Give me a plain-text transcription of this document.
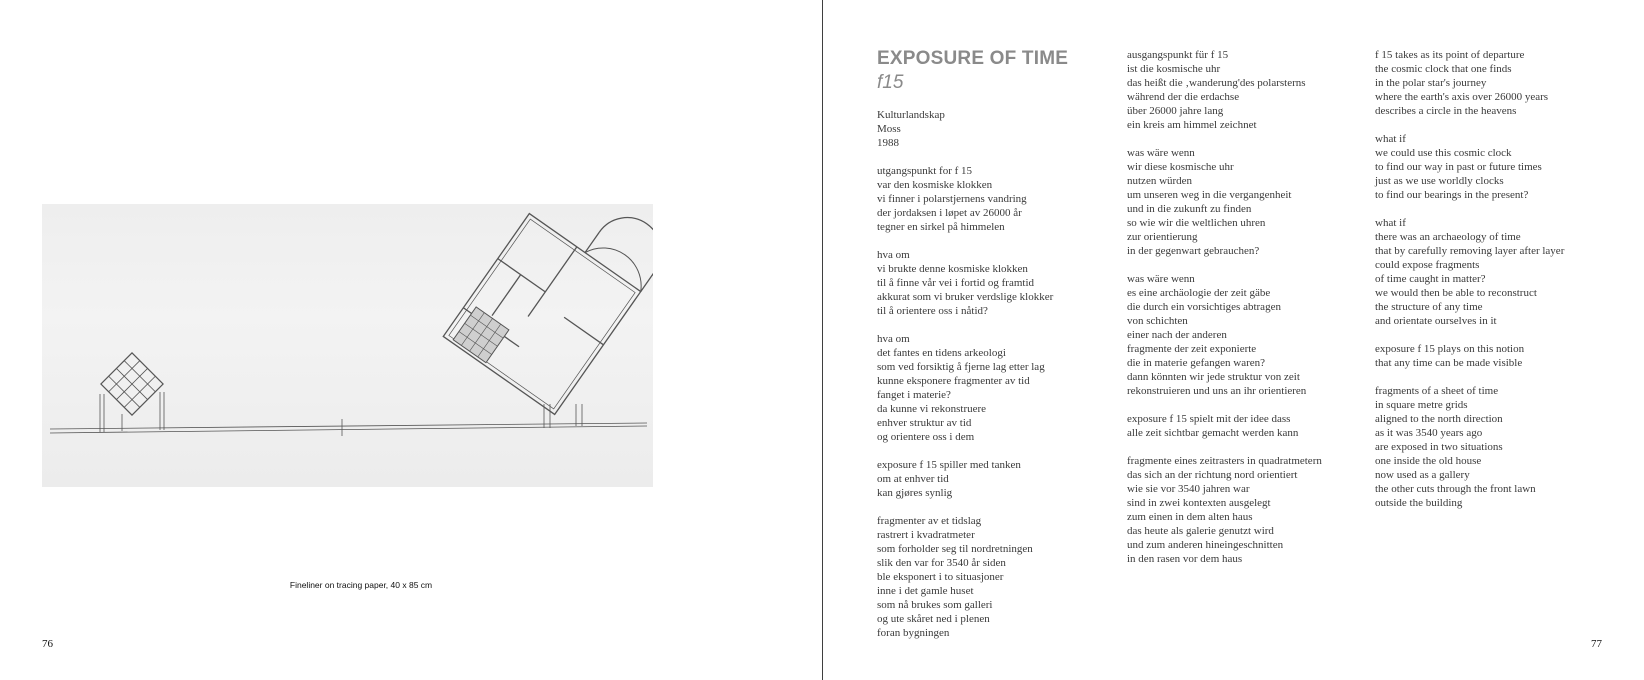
Fineliner on tracing paper, 40 x 85 cm
76
EXPOSURE OF TIME
f15
Kulturlandskap
Moss
1988
utgangspunkt for f 15
var den kosmiske klokken
vi finner i polarstjernens vandring
der jordaksen i løpet av 26000 år
tegner en sirkel på himmelen
hva om
vi brukte denne kosmiske klokken
til å finne vår vei i fortid og framtid
akkurat som vi bruker verdslige klokker
til å orientere oss i nåtid?
hva om
det fantes en tidens arkeologi
som ved forsiktig å fjerne lag etter lag
kunne eksponere fragmenter av tid
fanget i materie?
da kunne vi rekonstruere
enhver struktur av tid
og orientere oss i dem
exposure f 15 spiller med tanken
om at enhver tid
kan gjøres synlig
fragmenter av et tidslag
rastrert i kvadratmeter
som forholder seg til nordretningen
slik den var for 3540 år siden
ble eksponert i to situasjoner
inne i det gamle huset
som nå brukes som galleri
og ute skåret ned i plenen
foran bygningen
ausgangspunkt für f 15
ist die kosmische uhr
das heißt die ‚wanderung'des polarsterns
während der die erdachse
über 26000 jahre lang
ein kreis am himmel zeichnet
was wäre wenn
wir diese kosmische uhr
nutzen würden
um unseren weg in die vergangenheit
und in die zukunft zu finden
so wie wir die weltlichen uhren
zur orientierung
in der gegenwart gebrauchen?
was wäre wenn
es eine archäologie der zeit gäbe
die durch ein vorsichtiges abtragen
von schichten
einer nach der anderen
fragmente der zeit exponierte
die in materie gefangen waren?
dann könnten wir jede struktur von zeit
rekonstruieren und uns an ihr orientieren
exposure f 15 spielt mit der idee dass
alle zeit sichtbar gemacht werden kann
fragmente eines zeitrasters in quadratmetern
das sich an der richtung nord orientiert
wie sie vor 3540 jahren war
sind in zwei kontexten ausgelegt
zum einen in dem alten haus
das heute als galerie genutzt wird
und zum anderen hineingeschnitten
in den rasen vor dem haus
f 15 takes as its point of departure
the cosmic clock that one finds
in the polar star's journey
where the earth's axis over 26000 years
describes a circle in the heavens
what if
we could use this cosmic clock
to find our way in past or future times
just as we use worldly clocks
to find our bearings in the present?
what if
there was an archaeology of time
that by carefully removing layer after layer
could expose fragments
of time caught in matter?
we would then be able to reconstruct
the structure of any time
and orientate ourselves in it
exposure f 15 plays on this notion
that any time can be made visible
fragments of a sheet of time
in square metre grids
aligned to the north direction
as it was 3540 years ago
are exposed in two situations
one inside the old house
now used as a gallery
the other cuts through the front lawn
outside the building
77
